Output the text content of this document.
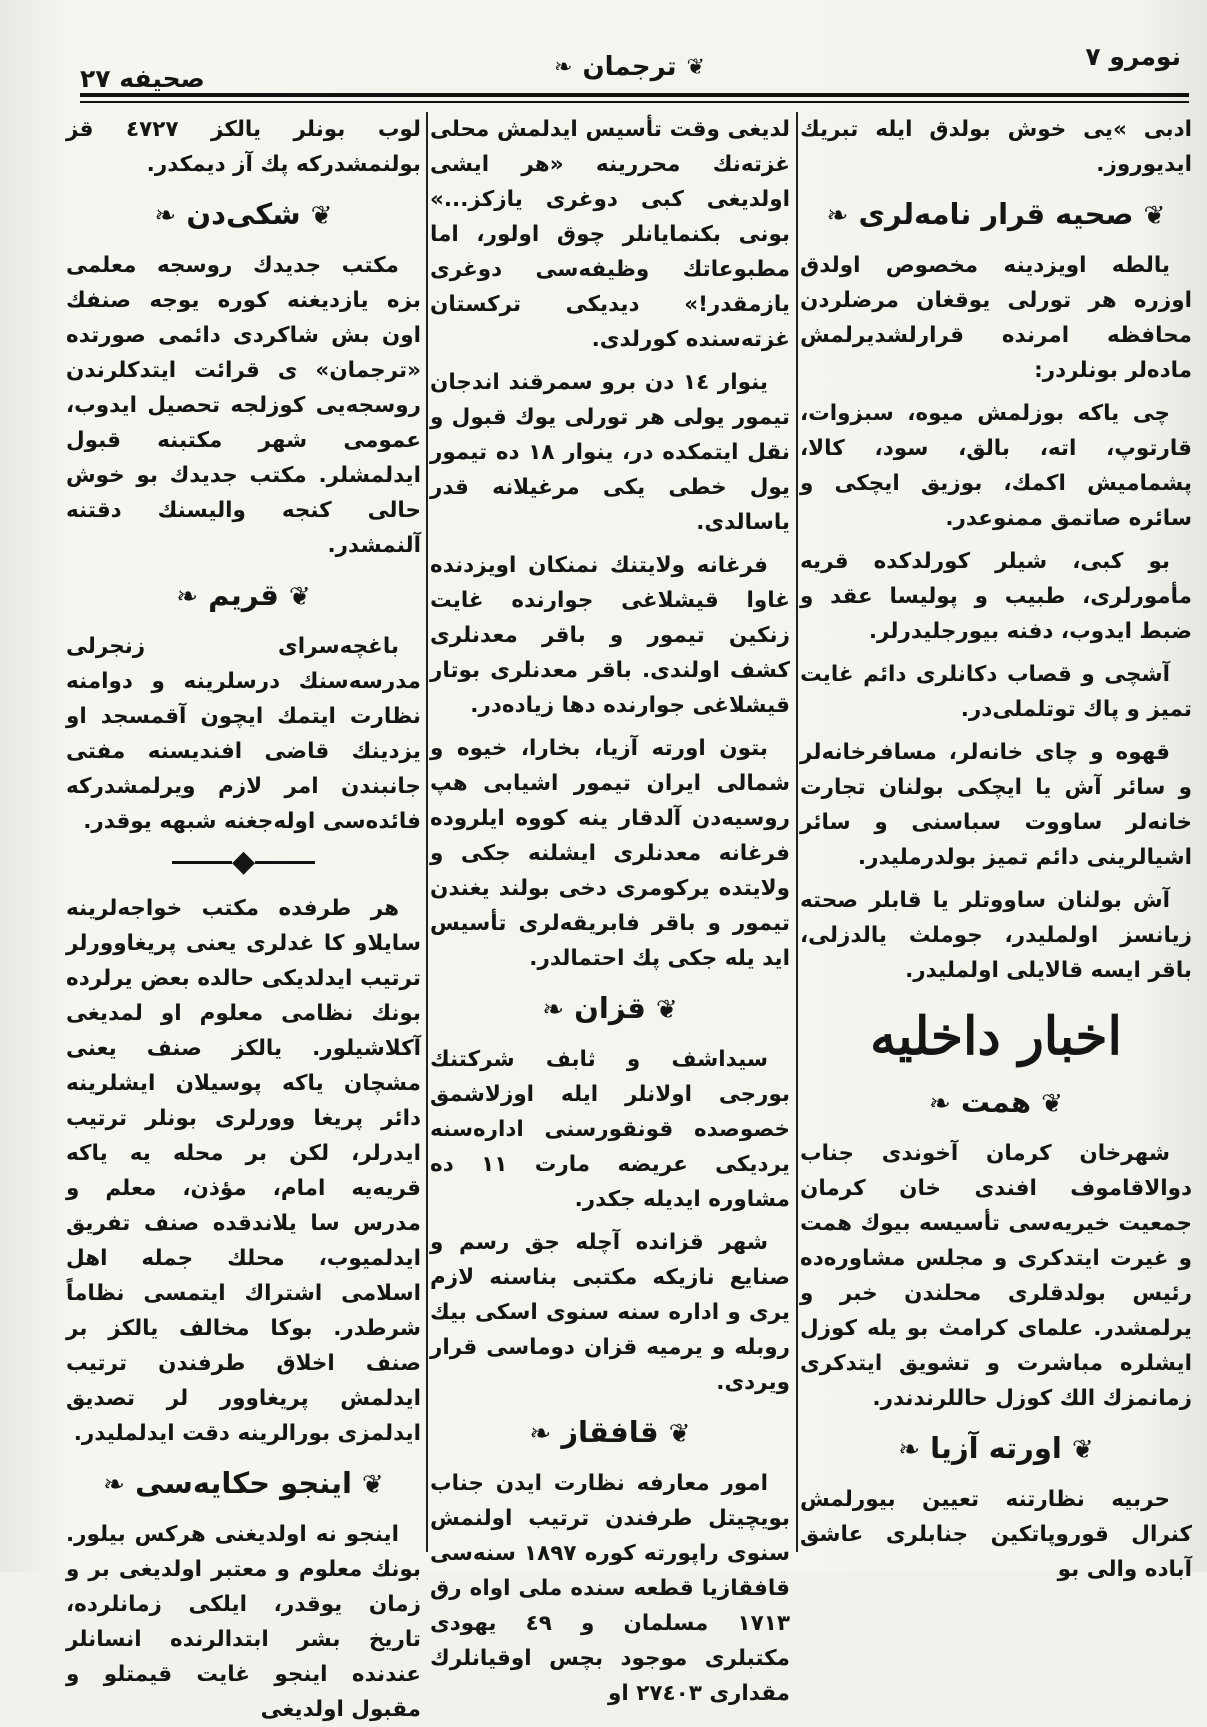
نومرو ٧
❦ترجمان❧
صحيفه ٢٧

ادبى »يى خوش بولدق ايله تبريك ايديوروز.

❦صحيه قرار نامه‌لرى❧

يالطه اويزدينه مخصوص اولدق اوزره هر تورلى يوقغان مرضلردن محافظه امرنده قرارلشديرلمش ماده‌لر بونلردر:

چى ياكه بوزلمش ميوه، سبزوات، قارتوپ، اته، بالق، سود، كالا، پشماميش اكمك، بوزيق ايچكى و سائره صاتمق ممنوعدر.

بو كبى، شيلر كورلدكده قريه مأمورلرى، طبيب و پوليسا عقد و ضبط ايدوب، دفنه بيورجليدرلر.

آشچى و قصاب دكانلرى دائم غايت تميز و پاك توتلملى‌در.

قهوه و چاى خانه‌لر، مسافرخانه‌لر و سائر آش يا ايچكى بولنان تجارت خانه‌لر ساووت سباسنى و سائر اشيالرينى دائم تميز بولدرمليدر.

آش بولنان ساووتلر يا قابلر صحته زيانسز اولمليدر، جوملث يالدزلى، باقر ايسه قالايلى اولمليدر.

اخبار داخليه
❦همت❧

شهرخان كرمان آخوندى جناب دوالاقاموف افندى خان كرمان جمعيت خيريه‌سى تأسيسه بيوك همت و غيرت ايتدكرى و مجلس مشاوره‌ده رئيس بولدقلرى محلندن خبر و يرلمشدر. علماى كرامث بو يله كوزل ايشلره مباشرت و تشويق ايتدكرى زمانمزك الك كوزل حاللرندندر.

❦اورته آزيا❧

حربيه نظارتنه تعيين بيورلمش كنرال قوروپاتكين جنابلرى عاشق آباده والى بو

لديغى وقت تأسيس ايدلمش محلى غزته‌نك محررينه «هر ايشى اولديغى كبى دوغرى يازكز...» بونى بكنمايانلر چوق اولور، اما مطبوعاتك وظيفه‌سى دوغرى يازمقدر!» ديديكى تركستان غزته‌سنده كورلدى.

ينوار ١٤ دن برو سمرقند اندجان تيمور يولى هر تورلى يوك قبول و نقل ايتمكده در، ينوار ١٨ ده تيمور يول خطى يكى مرغيلانه قدر ياسالدى.

فرغانه ولايتنك نمنكان اويزدنده غاوا قيشلاغى جوارنده غايت زنكين تيمور و باقر معدنلرى كشف اولندى. باقر معدنلرى بوتار قيشلاغى جوارنده دها زياده‌در.

بتون اورته آزيا، بخارا، خيوه و شمالى ايران تيمور اشيابى هپ روسيه‌دن آلدقار ينه كووه ايلروده فرغانه معدنلرى ايشلنه جكى و ولايتده يركومرى دخى بولند يغندن تيمور و باقر فابريقه‌لرى تأسيس ايد يله جكى پك احتمالدر.

❦قزان❧

سيداشف و ثابف شركتنك بورجى اولانلر ايله اوزلاشمق خصوصده قونقورسنى اداره‌سنه يرديكى عريضه مارت ١١ ده مشاوره ايديله جكدر.

شهر قزانده آچله جق رسم و صنايع نازيكه مكتبى بناسنه لازم يرى و اداره سنه سنوى اسكى بيك روبله و يرميه قزان دوماسى قرار ويردى.

❦قافقاز❧

امور معارفه نظارت ايدن جناب بويچيتل طرفندن ترتيب اولنمش سنوى راپورته كوره ١٨٩٧ سنه‌سى قافقازيا قطعه سنده ملى اواه رق ١٧١٣ مسلمان و ٤٩ يهودى مكتبلرى موجود بچس اوقيانلرك مقدارى ٢٧٤٠٣ او

لوب بونلر يالكز ٤٧٢٧ قز بولنمشدركه پك آز ديمكدر.

❦شكى‌دن❧

مكتب جديدك روسجه معلمى بزه يازديغنه كوره يوجه صنفك اون بش شاكردى دائمى صورتده «ترجمان» ى قرائت ايتدكلرندن روسجه‌يى كوزلجه تحصيل ايدوب، عمومى شهر مكتبنه قبول ايدلمشلر. مكتب جديدك بو خوش حالى كنجه واليسنك دقتنه آلنمشدر.

❦قريم❧

باغچه‌سراى زنجرلى مدرسه‌سنك درسلرينه و دوامنه نظارت ايتمك ايچون آقمسجد او يزدينك قاضى افنديسنه مفتى جانبندن امر لازم ويرلمشدركه فائده‌سى اوله‌جغنه شبهه يوقدر.

◆

هر طرفده مكتب خواجه‌لرينه سايلاو كا غدلرى يعنى پريغاوورلر ترتيب ايدلديكى حالده بعض يرلرده بونك نظامى معلوم او لمديغى آكلاشيلور. يالكز صنف يعنى مشچان ياكه پوسيلان ايشلرينه دائر پريغا وورلرى بونلر ترتيب ايدرلر، لكن بر محله يه ياكه قريه‌يه امام، مؤذن، معلم و مدرس سا يلاندقده صنف تفريق ايدلميوب، محلك جمله اهل اسلامى اشتراك ايتمسى نظاماً شرطدر. بوكا مخالف يالكز بر صنف اخلاق طرفندن ترتيب ايدلمش پريغاوور لر تصديق ايدلمزى بورالرينه دقت ايدلمليدر.

❦اينجو حكايه‌سى❧

اينجو نه اولديغنى هركس بيلور. بونك معلوم و معتبر اولديغى بر و زمان يوقدر، ايلكى زمانلرده، تاريخ بشر ابتدالرنده انسانلر عندنده اينجو غايت قيمتلو و مقبول اولديغى
